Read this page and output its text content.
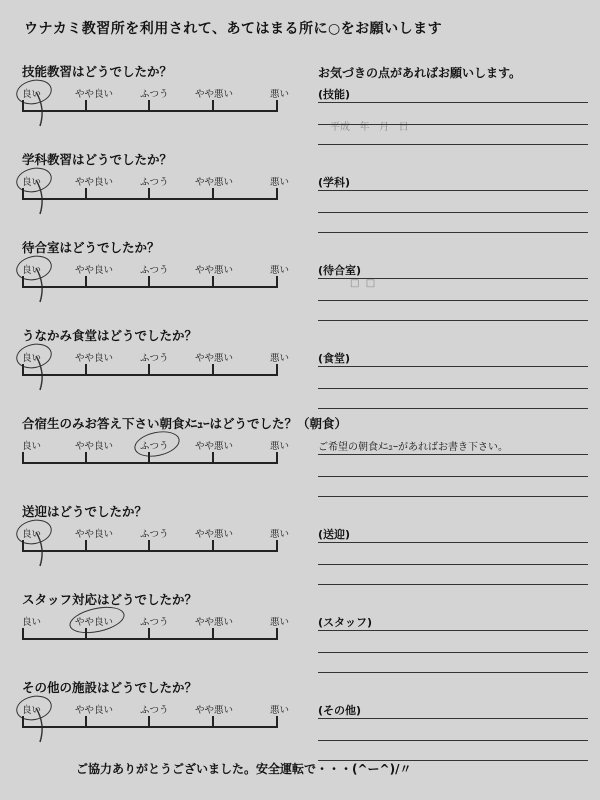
ウナカミ教習所を利用されて、あてはまる所に○をお願いします
お気づきの点があればお願いします。
平成   年   月   日
□  □
技能教習はどうでしたか？
良い	やや良い	ふつう	やや悪い	悪い	(技能)
学科教習はどうでしたか？
良い	やや良い	ふつう	やや悪い	悪い	(学科)
待合室はどうでしたか？
良い	やや良い	ふつう	やや悪い	悪い	(待合室)
うなかみ食堂はどうでしたか？
良い	やや良い	ふつう	やや悪い	悪い	(食堂)
合宿生のみお答え下さい朝食ﾒﾆｭｰはどうでした？（朝食）
良い	やや良い	ふつう	やや悪い	悪い	ご希望の朝食ﾒﾆｭｰがあればお書き下さい。
送迎はどうでしたか？
良い	やや良い	ふつう	やや悪い	悪い	(送迎)
スタッフ対応はどうでしたか？
良い	やや良い	ふつう	やや悪い	悪い	(スタッフ)
その他の施設はどうでしたか？
良い	やや良い	ふつう	やや悪い	悪い	(その他)
ご協力ありがとうございました。安全運転で・・・(^ー^)/〃
